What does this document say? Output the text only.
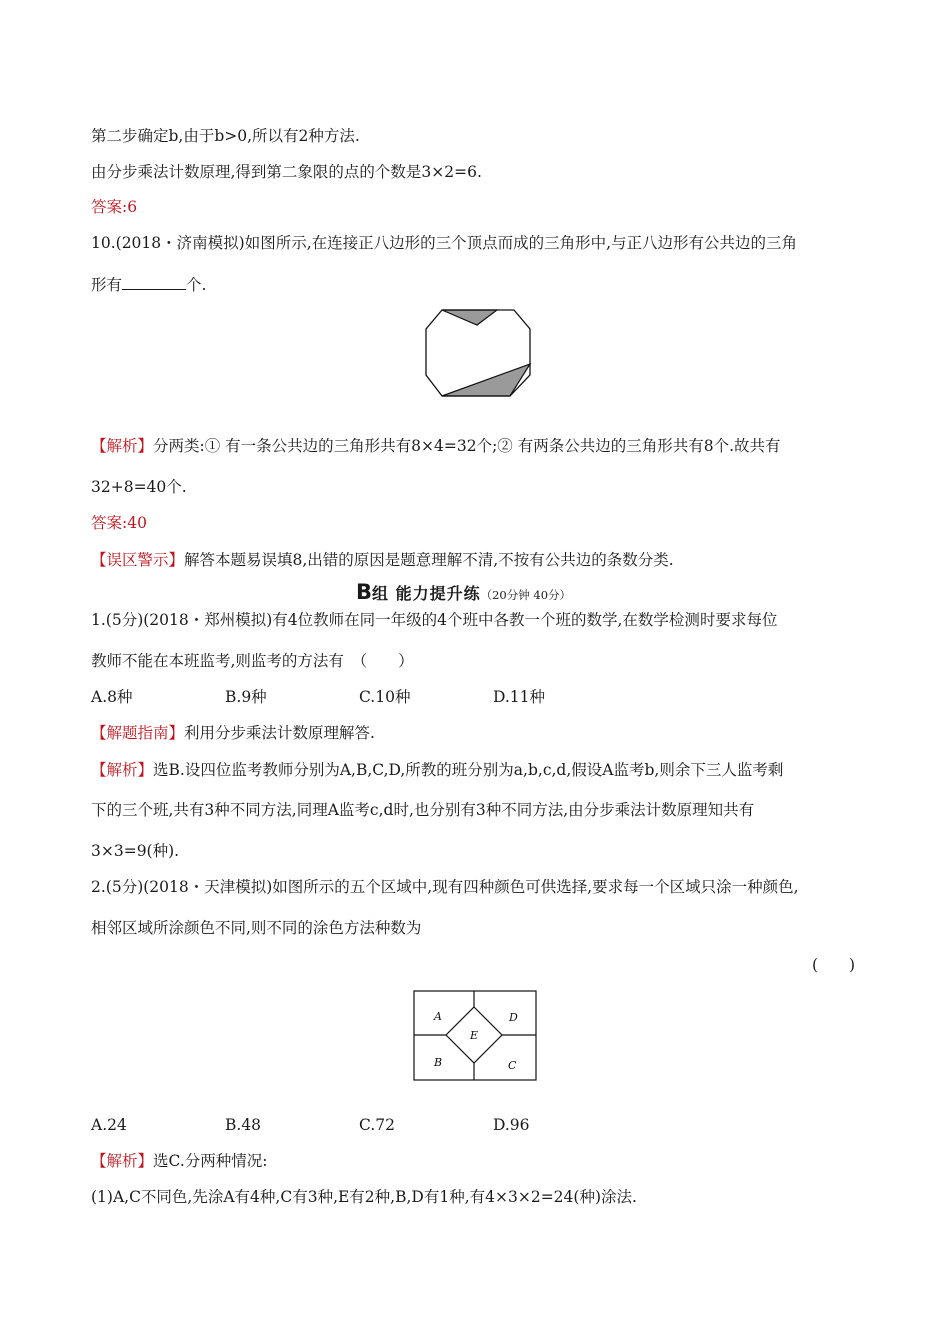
第二步确定b,由于b>0,所以有2种方法.
由分步乘法计数原理,得到第二象限的点的个数是3×2=6.
答案:6
10.(2018・济南模拟)如图所示,在连接正八边形的三个顶点而成的三角形中,与正八边形有公共边的三角
形有	个.
【解析】分两类:① 有一条公共边的三角形共有8×4=32个;② 有两条公共边的三角形共有8个.故共有
32+8=40个.
答案:40
【误区警示】解答本题易误填8,出错的原因是题意理解不清,不按有公共边的条数分类.
B组 能力提升练（20分钟 40分）
1.(5分)(2018・郑州模拟)有4位教师在同一年级的4个班中各教一个班的数学,在数学检测时要求每位
教师不能在本班监考,则监考的方法有　（　　）
A.8种	B.9种	C.10种	D.11种
【解题指南】利用分步乘法计数原理解答.
【解析】选B.设四位监考教师分别为A,B,C,D,所教的班分别为a,b,c,d,假设A监考b,则余下三人监考剩
下的三个班,共有3种不同方法,同理A监考c,d时,也分别有3种不同方法,由分步乘法计数原理知共有
3×3=9(种).
2.(5分)(2018・天津模拟)如图所示的五个区域中,现有四种颜色可供选择,要求每一个区域只涂一种颜色,
相邻区域所涂颜色不同,则不同的涂色方法种数为
(　　)
A	D
E
B	C
A.24	B.48	C.72	D.96
【解析】选C.分两种情况:
(1)A,C不同色,先涂A有4种,C有3种,E有2种,B,D有1种,有4×3×2=24(种)涂法.
